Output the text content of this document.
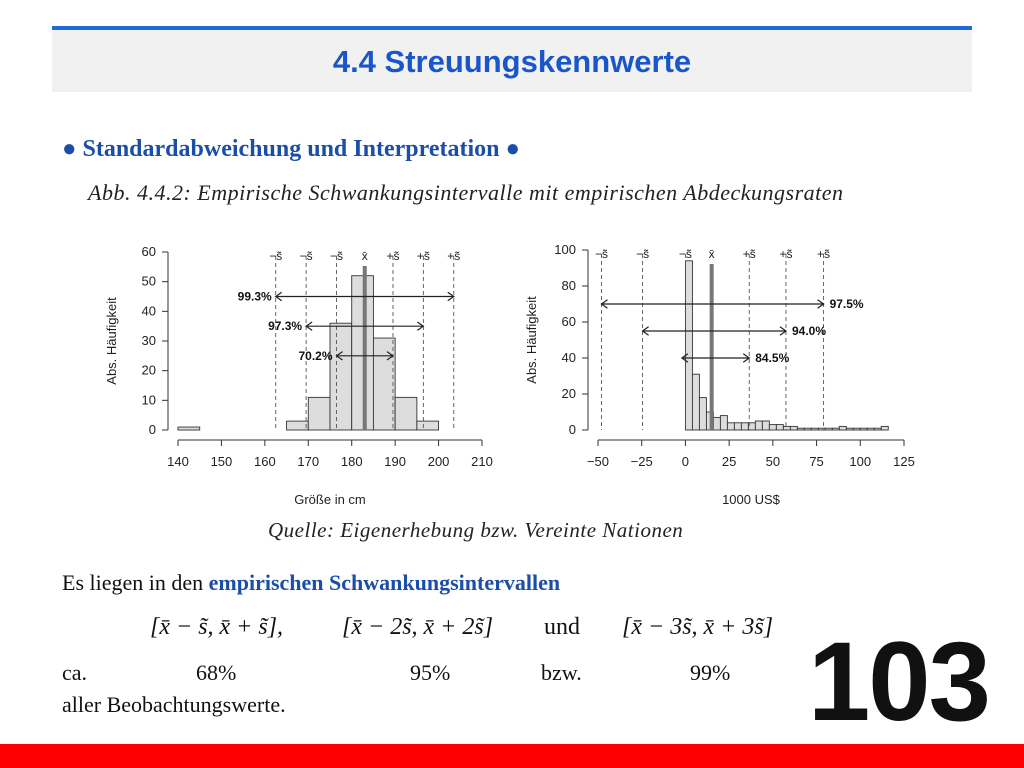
4.4 Streuungskennwerte
● Standardabweichung und Interpretation ●
Abb. 4.4.2: Empirische Schwankungsintervalle mit empirischen Abdeckungsraten
−s̃ −s̃ −s̃ x̄ +s̃ +s̃ +s̃
99.3%
97.3%
70.2%
0
10
20
30
40
50
60
140 150 160 170 180 190 200 210
Größe in cm
Abs. Häufigkeit
−s̃ −s̃ −s̃ x̄ +s̃ +s̃ +s̃
97.5%
94.0%
84.5%
0
20
40
60
80
100
−50 −25 0	25 50 75 100 125
1000 US$
Abs. Häufigkeit
Quelle: Eigenerhebung bzw. Vereinte Nationen
Es liegen in den empirischen Schwankungsintervallen
[x̄ − s̃, x̄ + s̃], [x̄ − 2s̃, x̄ + 2s̃] und [x̄ − 3s̃, x̄ + 3s̃]
ca.	68%	95%	bzw.	99%
aller Beobachtungswerte.	103
